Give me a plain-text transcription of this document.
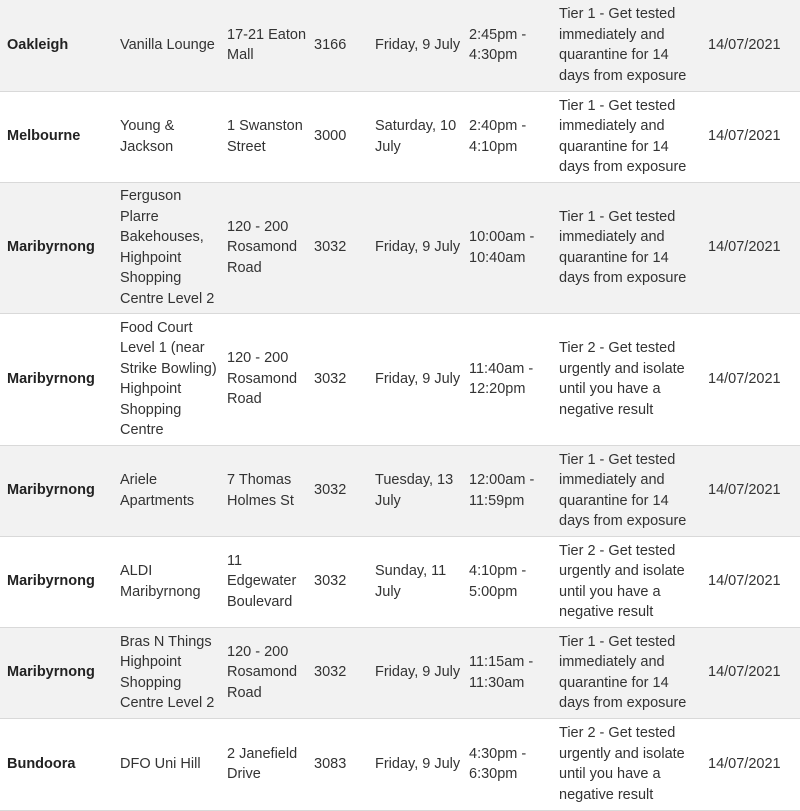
Oakleigh	Vanilla Lounge	17-21 Eaton Mall	3166	Friday, 9 July	2:45pm - 4:30pm	Tier 1 - Get tested immediately and quarantine for 14 days from exposure	14/07/2021
Melbourne	Young & Jackson	1 Swanston Street	3000	Saturday, 10 July	2:40pm - 4:10pm	Tier 1 - Get tested immediately and quarantine for 14 days from exposure	14/07/2021
Maribyrnong	Ferguson Plarre Bakehouses, Highpoint Shopping Centre Level 2	120 - 200 Rosamond Road	3032	Friday, 9 July	10:00am - 10:40am	Tier 1 - Get tested immediately and quarantine for 14 days from exposure	14/07/2021
Maribyrnong	Food Court Level 1 (near Strike Bowling) Highpoint Shopping Centre	120 - 200 Rosamond Road	3032	Friday, 9 July	11:40am - 12:20pm	Tier 2 - Get tested urgently and isolate until you have a negative result	14/07/2021
Maribyrnong	Ariele Apartments	7 Thomas Holmes St	3032	Tuesday, 13 July	12:00am - 11:59pm	Tier 1 - Get tested immediately and quarantine for 14 days from exposure	14/07/2021
Maribyrnong	ALDI Maribyrnong	11 Edgewater Boulevard	3032	Sunday, 11 July	4:10pm - 5:00pm	Tier 2 - Get tested urgently and isolate until you have a negative result	14/07/2021
Maribyrnong	Bras N Things Highpoint Shopping Centre Level 2	120 - 200 Rosamond Road	3032	Friday, 9 July	11:15am - 11:30am	Tier 1 - Get tested immediately and quarantine for 14 days from exposure	14/07/2021
Bundoora	DFO Uni Hill	2 Janefield Drive	3083	Friday, 9 July	4:30pm - 6:30pm	Tier 2 - Get tested urgently and isolate until you have a negative result	14/07/2021
